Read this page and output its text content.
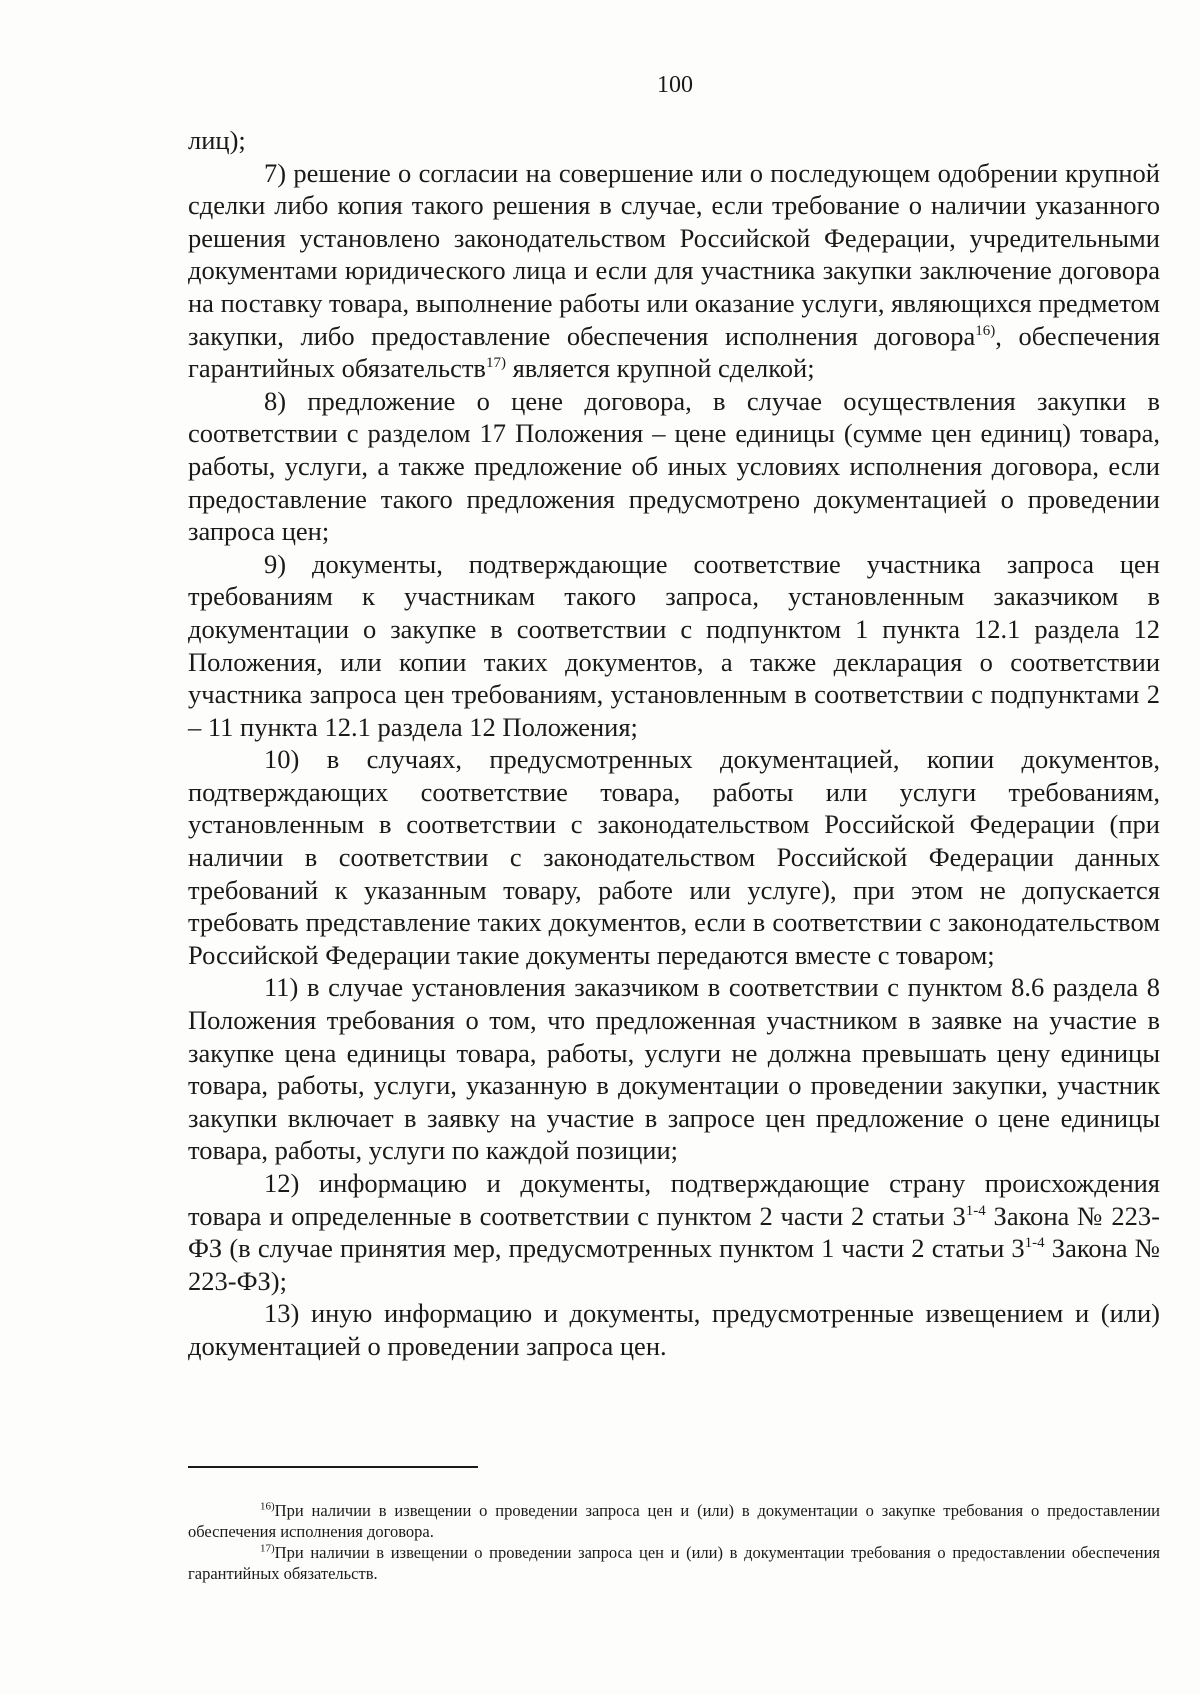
100

лиц);

7) решение о согласии на совершение или о последующем одобрении крупной сделки либо копия такого решения в случае, если требование о наличии указанного решения установлено законодательством Российской Федерации, учредительными документами юридического лица и если для участника закупки заключение договора на поставку товара, выполнение работы или оказание услуги, являющихся предметом закупки, либо предоставление обеспечения исполнения договора$^{16)}$, обеспечения гарантийных обязательств$^{17)}$ является крупной сделкой;

8) предложение о цене договора, в случае осуществления закупки в соответствии с разделом 17 Положения – цене единицы (сумме цен единиц) товара, работы, услуги, а также предложение об иных условиях исполнения договора, если предоставление такого предложения предусмотрено документацией о проведении запроса цен;

9) документы, подтверждающие соответствие участника запроса цен требованиям к участникам такого запроса, установленным заказчиком в документации о закупке в соответствии с подпунктом 1 пункта 12.1 раздела 12 Положения, или копии таких документов, а также декларация о соответствии участника запроса цен требованиям, установленным в соответствии с подпунктами 2 – 11 пункта 12.1 раздела 12 Положения;

10) в случаях, предусмотренных документацией, копии документов, подтверждающих соответствие товара, работы или услуги требованиям, установленным в соответствии с законодательством Российской Федерации (при наличии в соответствии с законодательством Российской Федерации данных требований к указанным товару, работе или услуге), при этом не допускается требовать представление таких документов, если в соответствии с законодательством Российской Федерации такие документы передаются вместе с товаром;

11) в случае установления заказчиком в соответствии с пунктом 8.6 раздела 8 Положения требования о том, что предложенная участником в заявке на участие в закупке цена единицы товара, работы, услуги не должна превышать цену единицы товара, работы, услуги, указанную в документации о проведении закупки, участник закупки включает в заявку на участие в запросе цен предложение о цене единицы товара, работы, услуги по каждой позиции;

12) информацию и документы, подтверждающие страну происхождения товара и определенные в соответствии с пунктом 2 части 2 статьи 3$^{1-4}$ Закона № 223-ФЗ (в случае принятия мер, предусмотренных пунктом 1 части 2 статьи 3$^{1-4}$ Закона № 223-ФЗ);

13) иную информацию и документы, предусмотренные извещением и (или) документацией о проведении запроса цен.

$^{16)}$При наличии в извещении о проведении запроса цен и (или) в документации о закупке требования о предоставлении обеспечения исполнения договора.

$^{17)}$При наличии в извещении о проведении запроса цен и (или) в документации требования о предоставлении обеспечения гарантийных обязательств.
